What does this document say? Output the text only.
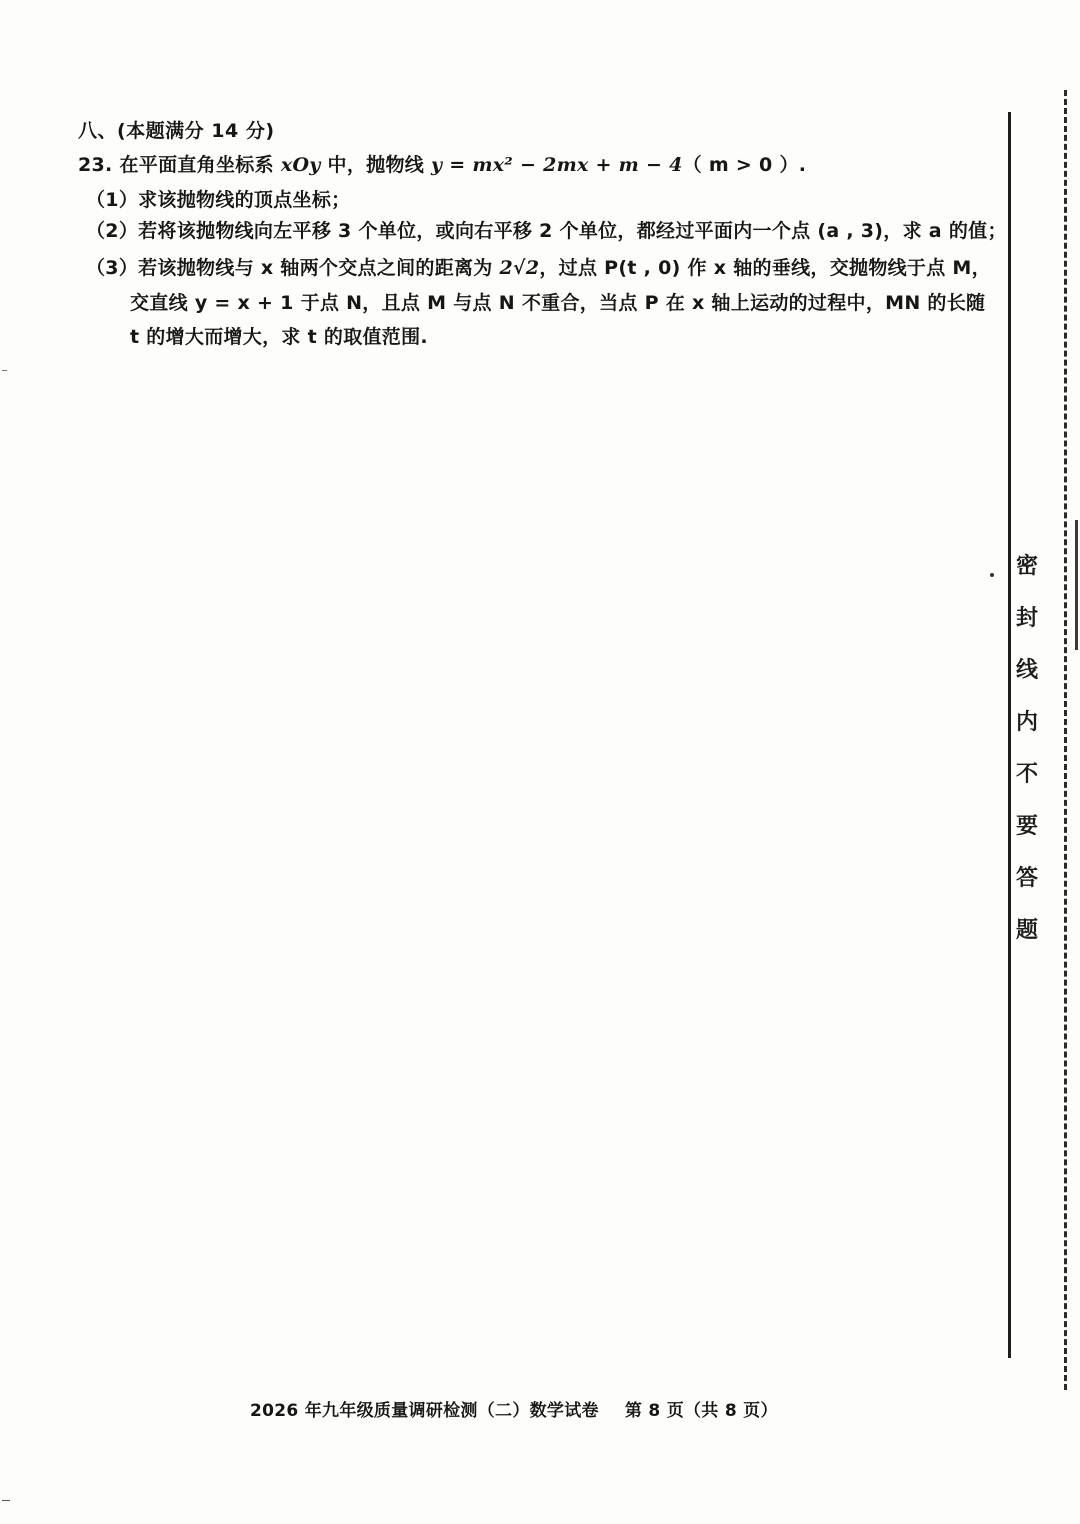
八、(本题满分 14 分)
23. 在平面直角坐标系 xOy 中，抛物线 y = mx² − 2mx + m − 4（ m > 0 ）.
（1）求该抛物线的顶点坐标；
（2）若将该抛物线向左平移 3 个单位，或向右平移 2 个单位，都经过平面内一个点 (a , 3)，求 a 的值；
（3）若该抛物线与 x 轴两个交点之间的距离为 2√2，过点 P(t , 0) 作 x 轴的垂线，交抛物线于点 M，
交直线 y = x + 1 于点 N，且点 M 与点 N 不重合，当点 P 在 x 轴上运动的过程中，MN 的长随
t 的增大而增大，求 t 的取值范围.
密
封
线
内
不
要
答
题
2026 年九年级质量调研检测（二）数学试卷 第 8 页（共 8 页）
